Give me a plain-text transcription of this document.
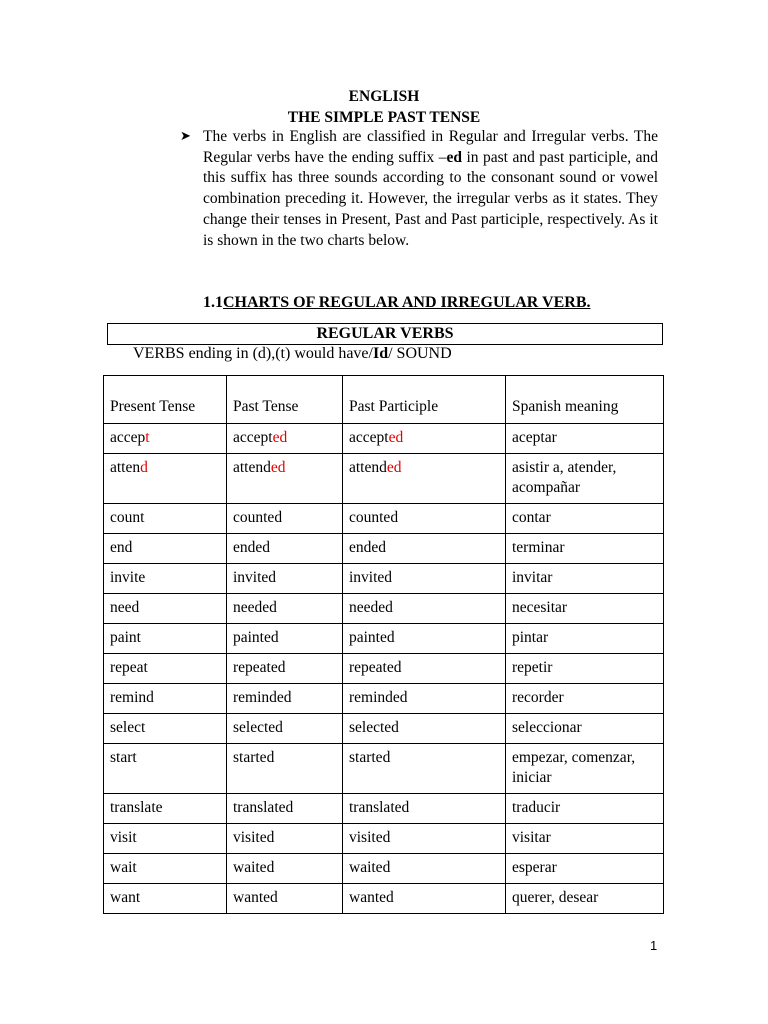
ENGLISH
THE SIMPLE PAST TENSE
➤ The verbs in English are classified in Regular and Irregular verbs. The Regular verbs have the ending suffix –ed in past and past participle, and this suffix has three sounds according to the consonant sound or vowel combination preceding it. However, the irregular verbs as it states. They change their tenses in Present, Past and Past participle, respectively. As it is shown in the two charts below.
1.1CHARTS OF REGULAR AND IRREGULAR VERB.
REGULAR VERBS
VERBS ending in (d),(t) would have/Id/ SOUND
Present Tense	Past Tense	Past Participle	Spanish meaning
accept	accepted	accepted	aceptar
attend	attended	attended	asistir a, atender, acompañar
count	counted	counted	contar
end	ended	ended	terminar
invite	invited	invited	invitar
need	needed	needed	necesitar
paint	painted	painted	pintar
repeat	repeated	repeated	repetir
remind	reminded	reminded	recorder
select	selected	selected	seleccionar
start	started	started	empezar, comenzar, iniciar
translate	translated	translated	traducir
visit	visited	visited	visitar
wait	waited	waited	esperar
want	wanted	wanted	querer, desear
1
